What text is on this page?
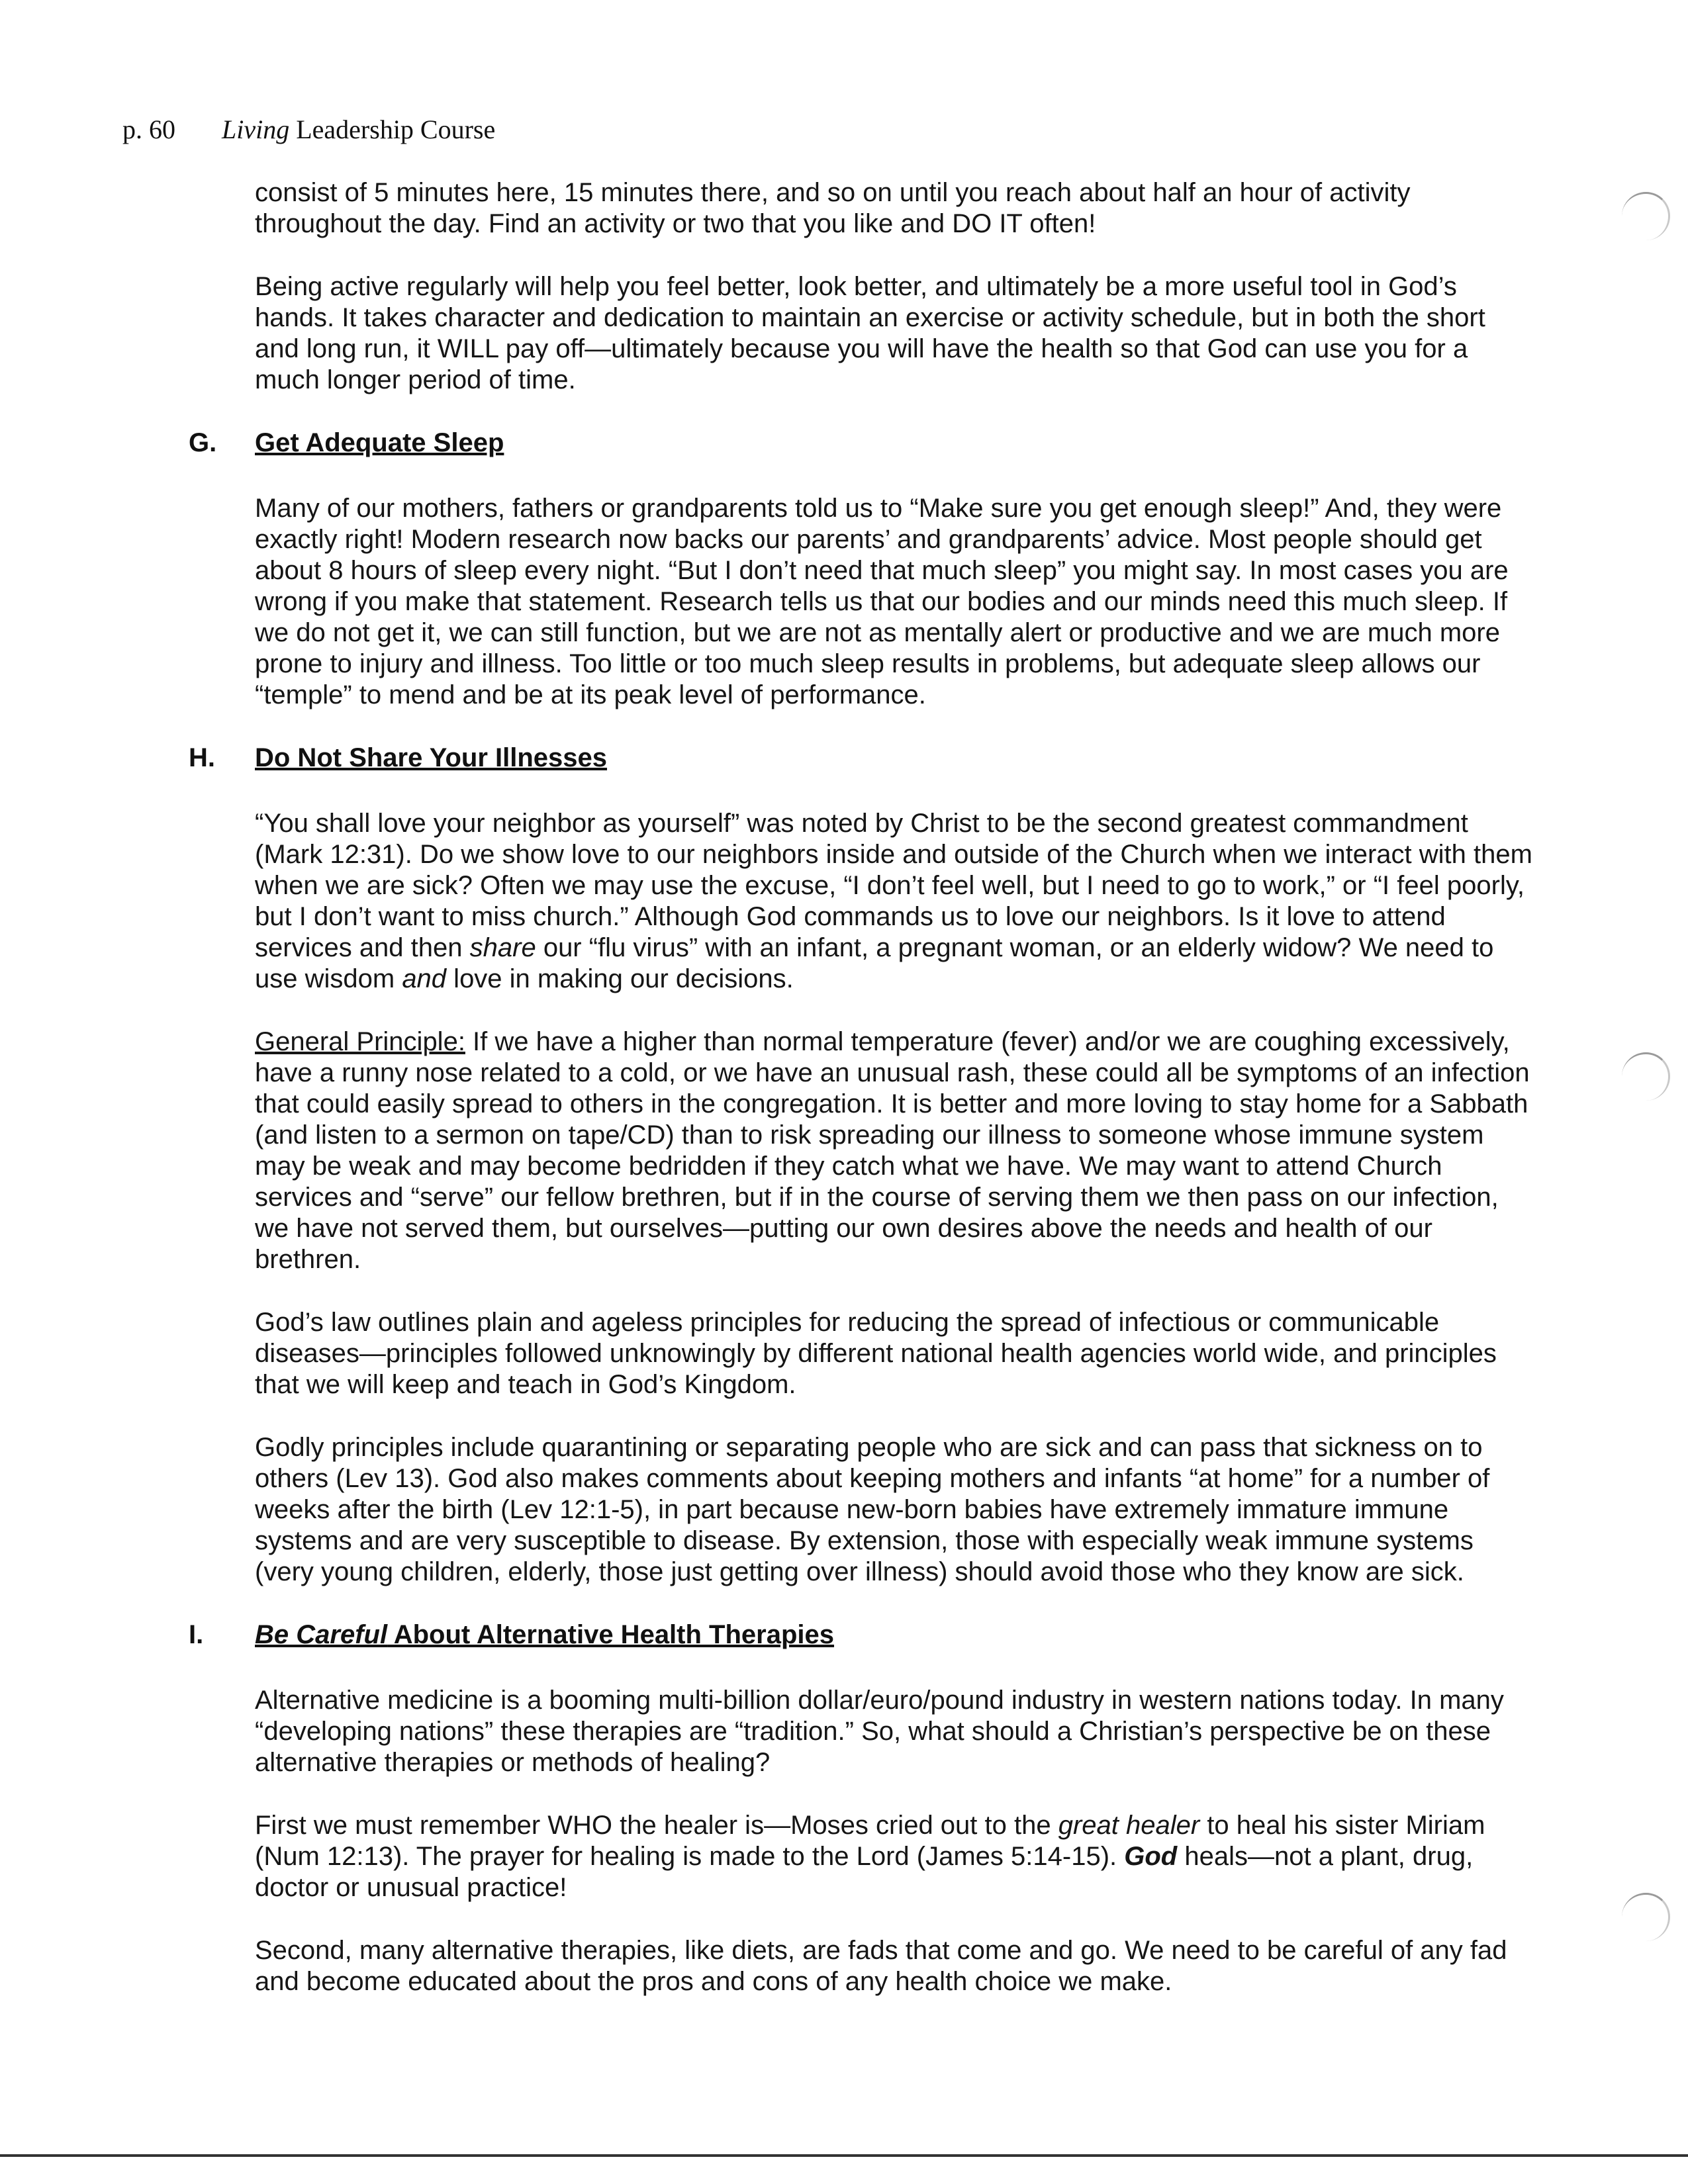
p. 60 Living Leadership Course

consist of 5 minutes here, 15 minutes there, and so on until you reach about half an hour of activity throughout the day. Find an activity or two that you like and DO IT often!

Being active regularly will help you feel better, look better, and ultimately be a more useful tool in God’s hands. It takes character and dedication to maintain an exercise or activity schedule, but in both the short and long run, it WILL pay off—ultimately because you will have the health so that God can use you for a much longer period of time.

G. Get Adequate Sleep

Many of our mothers, fathers or grandparents told us to “Make sure you get enough sleep!” And, they were exactly right! Modern research now backs our parents’ and grandparents’ advice. Most people should get about 8 hours of sleep every night. “But I don’t need that much sleep” you might say. In most cases you are wrong if you make that statement. Research tells us that our bodies and our minds need this much sleep. If we do not get it, we can still function, but we are not as mentally alert or productive and we are much more prone to injury and illness. Too little or too much sleep results in problems, but adequate sleep allows our “temple” to mend and be at its peak level of performance.

H. Do Not Share Your Illnesses

“You shall love your neighbor as yourself” was noted by Christ to be the second greatest commandment (Mark 12:31). Do we show love to our neighbors inside and outside of the Church when we interact with them when we are sick? Often we may use the excuse, “I don’t feel well, but I need to go to work,” or “I feel poorly, but I don’t want to miss church.” Although God commands us to love our neighbors. Is it love to attend services and then share our “flu virus” with an infant, a pregnant woman, or an elderly widow? We need to use wisdom and love in making our decisions.

General Principle: If we have a higher than normal temperature (fever) and/or we are coughing excessively, have a runny nose related to a cold, or we have an unusual rash, these could all be symptoms of an infection that could easily spread to others in the congregation. It is better and more loving to stay home for a Sabbath (and listen to a sermon on tape/CD) than to risk spreading our illness to someone whose immune system may be weak and may become bedridden if they catch what we have. We may want to attend Church services and “serve” our fellow brethren, but if in the course of serving them we then pass on our infection, we have not served them, but ourselves—putting our own desires above the needs and health of our brethren.

God’s law outlines plain and ageless principles for reducing the spread of infectious or communicable diseases—principles followed unknowingly by different national health agencies world wide, and principles that we will keep and teach in God’s Kingdom.

Godly principles include quarantining or separating people who are sick and can pass that sickness on to others (Lev 13). God also makes comments about keeping mothers and infants “at home” for a number of weeks after the birth (Lev 12:1-5), in part because new-born babies have extremely immature immune systems and are very susceptible to disease. By extension, those with especially weak immune systems (very young children, elderly, those just getting over illness) should avoid those who they know are sick.

I. Be Careful About Alternative Health Therapies

Alternative medicine is a booming multi-billion dollar/euro/pound industry in western nations today. In many “developing nations” these therapies are “tradition.” So, what should a Christian’s perspective be on these alternative therapies or methods of healing?

First we must remember WHO the healer is—Moses cried out to the great healer to heal his sister Miriam (Num 12:13). The prayer for healing is made to the Lord (James 5:14-15). God heals—not a plant, drug, doctor or unusual practice!

Second, many alternative therapies, like diets, are fads that come and go. We need to be careful of any fad and become educated about the pros and cons of any health choice we make.
